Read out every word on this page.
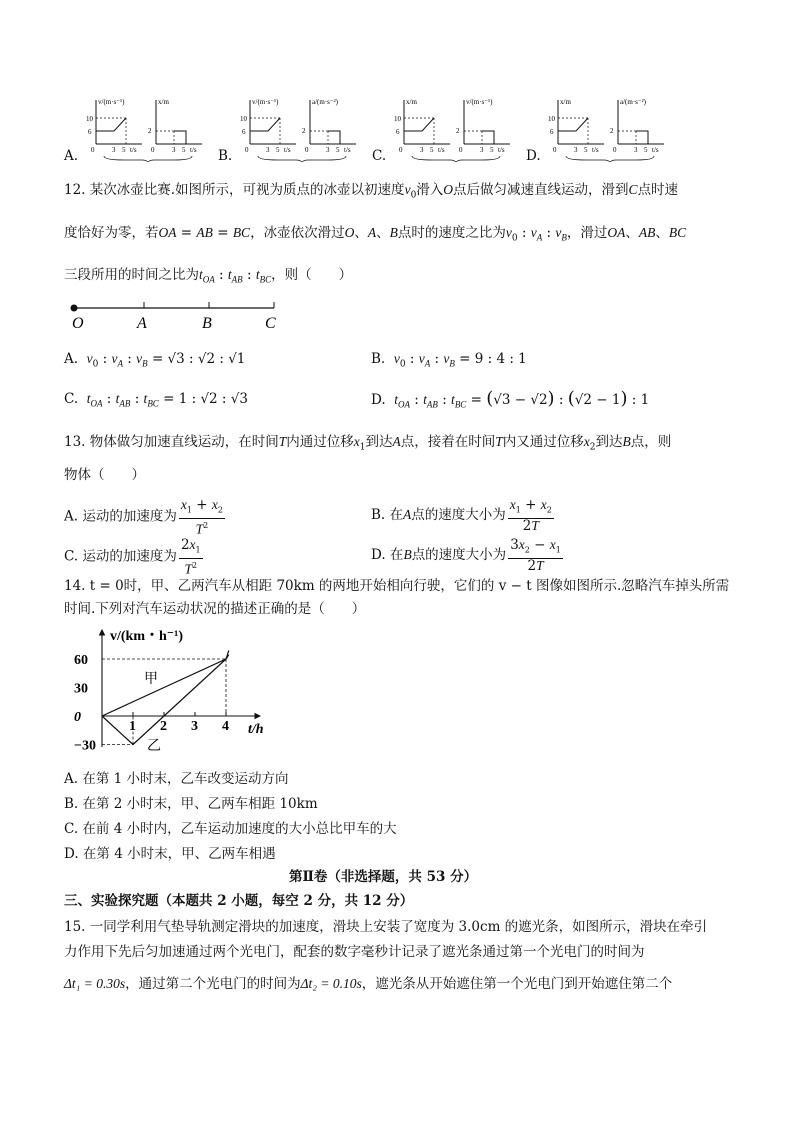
A.
v/(m·s⁻¹)
10
6
0	3 5 t/s
x/m
2
0	3 5 t/s B.
v/(m·s⁻¹)
10
6
0	3 5 t/s
a/(m·s⁻²)
2
0	3 5 t/s C.
x/m
10
6
0	3 5 t/s
v/(m·s⁻¹)
2
0	3 5 t/s D.
x/m
10
6
0	3 5 t/s
a/(m·s⁻²)
2
0	3 5 t/s
12. 某次冰壶比赛.如图所示，可视为质点的冰壶以初速度$v_0$滑入O点后做匀减速直线运动，滑到C点时速
度恰好为零，若OA = AB = BC，冰壶依次滑过O、A、B点时的速度之比为$v_0$ : $v_A$ : $v_B$，滑过OA、AB、BC
三段所用的时间之比为$t_{OA}$ : $t_{AB}$ : $t_{BC}$，则（　　）
O	A	B	C
A. $v_0$ : $v_A$ : $v_B = √3$ : √2 : √1	B. $v_0$ : $v_A$ : $v_B = 9$ : 4 : 1
C. $t_{OA}$ : $t_{AB}$ : $t_{BC} = 1$ : √2 : √3	D. $t_{OA}$ : $t_{AB}$ : $t_{BC} = (√3 - √2)$ : (√2 − 1) : 1
13. 物体做匀加速直线运动，在时间T内通过位移$x_1$到达A点，接着在时间T内又通过位移$x_2$到达B点，则
物体（　　）
A. 运动的加速度为 $\frac{x_1 + x_2}{T^2}$	B. 在A点的速度大小为 $\frac{x_1 + x_2}{2T}$
C. 运动的加速度为 $\frac{2x_1}{T^2}$	D. 在B点的速度大小为 $\frac{3x_2 - x_1}{2T}$
14. t = 0时，甲、乙两汽车从相距 70km 的两地开始相向行驶，它们的 v − t 图像如图所示.忽略汽车掉头所需
时间.下列对汽车运动状况的描述正确的是（　　）
v/(km・h⁻¹)
t/h
60
30
0
−30
1 2 3 4
甲
乙
A. 在第 1 小时末，乙车改变运动方向
B. 在第 2 小时末，甲、乙两车相距 10km
C. 在前 4 小时内，乙车运动加速度的大小总比甲车的大
D. 在第 4 小时末，甲、乙两车相遇
第Ⅱ卷（非选择题，共 53 分）
三、实验探究题（本题共 2 小题，每空 2 分，共 12 分）
15. 一同学利用气垫导轨测定滑块的加速度，滑块上安装了宽度为 3.0cm 的遮光条，如图所示，滑块在牵引
力作用下先后匀加速通过两个光电门，配套的数字毫秒计记录了遮光条通过第一个光电门的时间为
Δt₁ = 0.30s，通过第二个光电门的时间为Δt₂ = 0.10s，遮光条从开始遮住第一个光电门到开始遮住第二个
